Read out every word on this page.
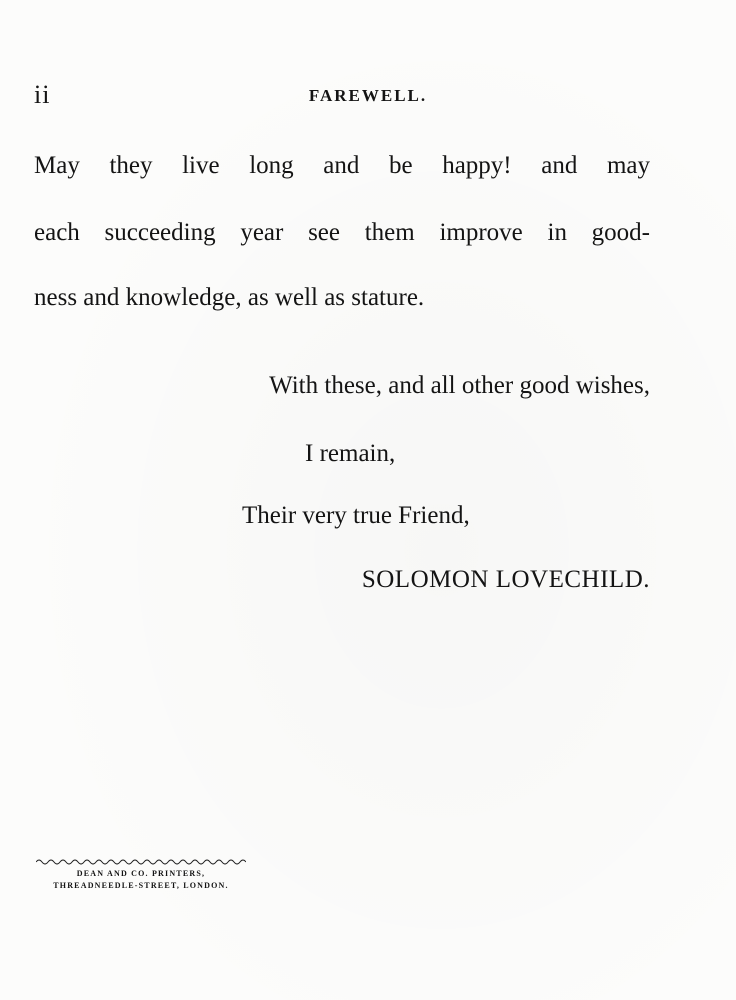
ii	FAREWELL.
May they live long and be happy! and may
each succeeding year see them improve in good-
ness and knowledge, as well as stature.
With these, and all other good wishes,
I remain,
Their very true Friend,
SOLOMON LOVECHILD.
DEAN AND CO. PRINTERS,
THREADNEEDLE-STREET, LONDON.
